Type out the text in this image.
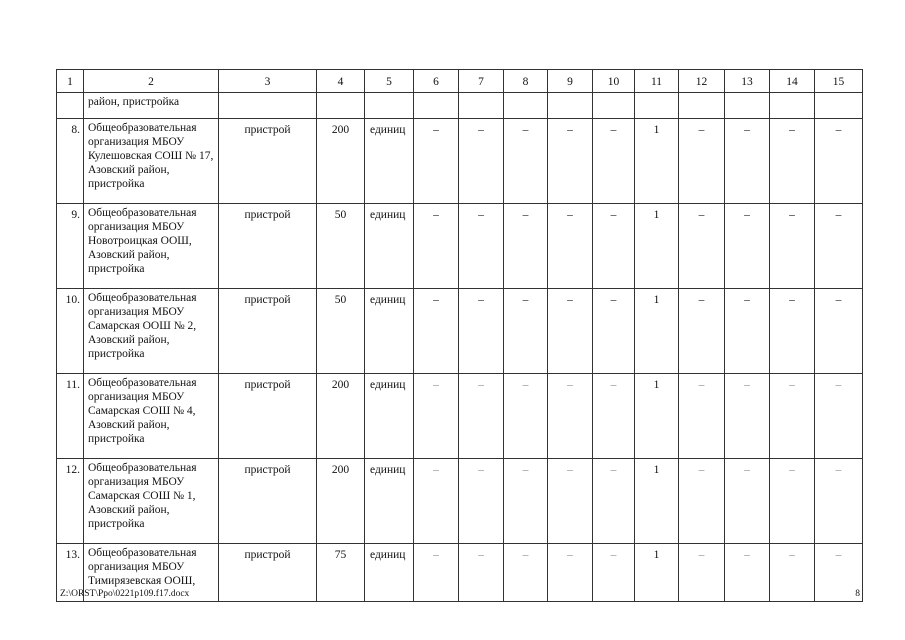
1	2	3	4	5	6	7	8	9	10	11	12	13	14	15
	район, пристройка													
8.	Общеобразовательная
организация МБОУ
Кулешовская СОШ № 17,
Азовский район,
пристройка	пристрой	200	единиц	–	–	–	–	–	1	–	–	–	–
9.	Общеобразовательная
организация МБОУ
Новотроицкая ООШ,
Азовский район,
пристройка	пристрой	50	единиц	–	–	–	–	–	1	–	–	–	–
10.	Общеобразовательная
организация МБОУ
Самарская ООШ № 2,
Азовский район,
пристройка	пристрой	50	единиц	–	–	–	–	–	1	–	–	–	–
11.	Общеобразовательная
организация МБОУ
Самарская СОШ № 4,
Азовский район,
пристройка	пристрой	200	единиц	–	–	–	–	–	1	–	–	–	–
12.	Общеобразовательная
организация МБОУ
Самарская СОШ № 1,
Азовский район,
пристройка	пристрой	200	единиц	–	–	–	–	–	1	–	–	–	–
13.	Общеобразовательная
организация МБОУ
Тимирязевская ООШ,	пристрой	75	единиц	–	–	–	–	–	1	–	–	–	–
Z:\ORST\Ppo\0221p109.f17.docx	8
